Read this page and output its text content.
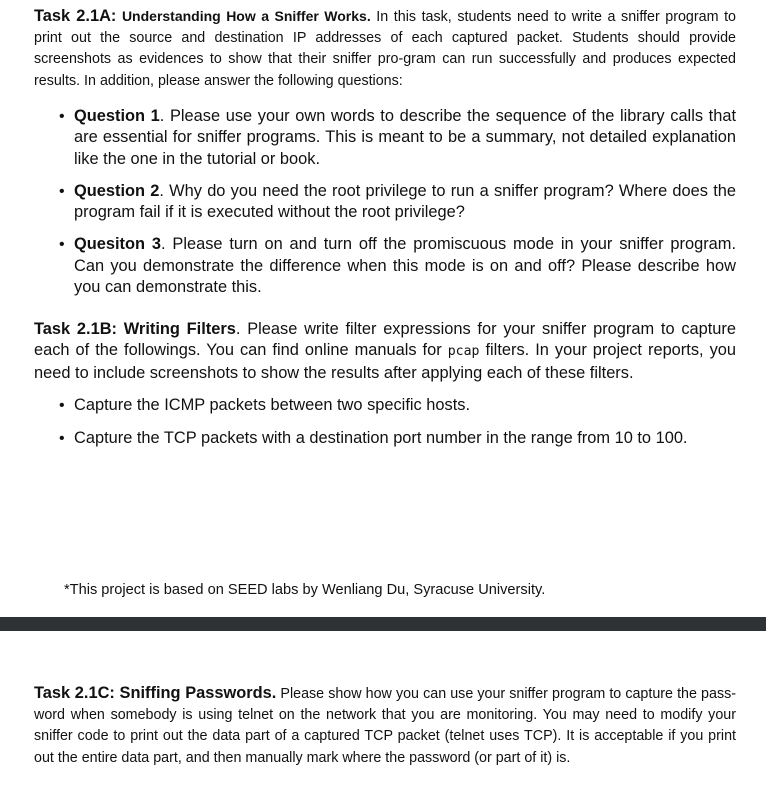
Task 2.1A: Understanding How a Sniffer Works. In this task, students need to write a sniffer program to print out the source and destination IP addresses of each captured packet. Students should provide screenshots as evidences to show that their sniffer pro-gram can run successfully and produces expected results. In addition, please answer the following questions:

• Question 1. Please use your own words to describe the sequence of the library calls that are essential for sniffer programs. This is meant to be a summary, not detailed explanation like the one in the tutorial or book.
• Question 2. Why do you need the root privilege to run a sniffer program? Where does the program fail if it is executed without the root privilege?
• Quesiton 3. Please turn on and turn off the promiscuous mode in your sniffer program. Can you demonstrate the difference when this mode is on and off? Please describe how you can demonstrate this.

Task 2.1B: Writing Filters. Please write filter expressions for your sniffer program to capture each of the followings. You can find online manuals for pcap filters. In your project reports, you need to include screenshots to show the results after applying each of these filters.

• Capture the ICMP packets between two specific hosts.
• Capture the TCP packets with a destination port number in the range from 10 to 100.

*This project is based on SEED labs by Wenliang Du, Syracuse University.

Task 2.1C: Sniffing Passwords. Please show how you can use your sniffer program to capture the pass-word when somebody is using telnet on the network that you are monitoring. You may need to modify your sniffer code to print out the data part of a captured TCP packet (telnet uses TCP). It is acceptable if you print out the entire data part, and then manually mark where the password (or part of it) is.
